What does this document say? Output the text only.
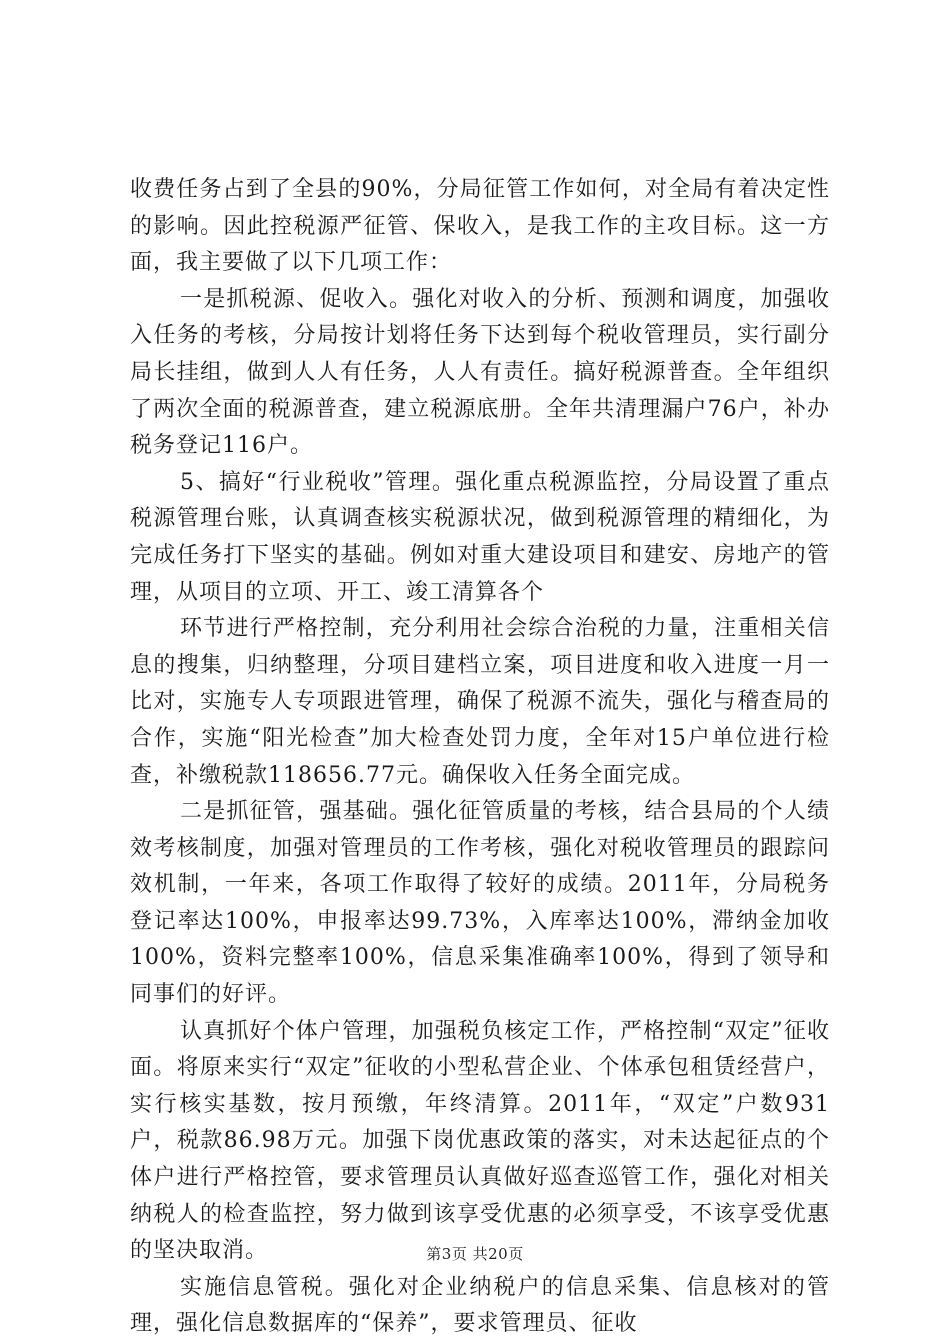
收费任务占到了全县的90%，分局征管工作如何，对全局有着决定性的影响。因此控税源严征管、保收入，是我工作的主攻目标。这一方面，我主要做了以下几项工作：

一是抓税源、促收入。强化对收入的分析、预测和调度，加强收入任务的考核，分局按计划将任务下达到每个税收管理员，实行副分局长挂组，做到人人有任务，人人有责任。搞好税源普查。全年组织了两次全面的税源普查，建立税源底册。全年共清理漏户76户，补办税务登记116户。

5、搞好“行业税收”管理。强化重点税源监控，分局设置了重点税源管理台账，认真调查核实税源状况，做到税源管理的精细化，为完成任务打下坚实的基础。例如对重大建设项目和建安、房地产的管理，从项目的立项、开工、竣工清算各个

环节进行严格控制，充分利用社会综合治税的力量，注重相关信息的搜集，归纳整理，分项目建档立案，项目进度和收入进度一月一比对，实施专人专项跟进管理，确保了税源不流失，强化与稽查局的合作，实施“阳光检查”加大检查处罚力度，全年对15户单位进行检查，补缴税款118656.77元。确保收入任务全面完成。

二是抓征管，强基础。强化征管质量的考核，结合县局的个人绩效考核制度，加强对管理员的工作考核，强化对税收管理员的跟踪问效机制，一年来，各项工作取得了较好的成绩。2011年，分局税务登记率达100%，申报率达99.73%，入库率达100%，滞纳金加收100%，资料完整率100%，信息采集准确率100%，得到了领导和同事们的好评。

认真抓好个体户管理，加强税负核定工作，严格控制“双定”征收面。将原来实行“双定”征收的小型私营企业、个体承包租赁经营户，实行核实基数，按月预缴，年终清算。2011年，“双定”户数931户，税款86.98万元。加强下岗优惠政策的落实，对未达起征点的个体户进行严格控管，要求管理员认真做好巡查巡管工作，强化对相关纳税人的检查监控，努力做到该享受优惠的必须享受，不该享受优惠的坚决取消。

实施信息管税。强化对企业纳税户的信息采集、信息核对的管理，强化信息数据库的“保养”，要求管理员、征收

第3页 共20页
